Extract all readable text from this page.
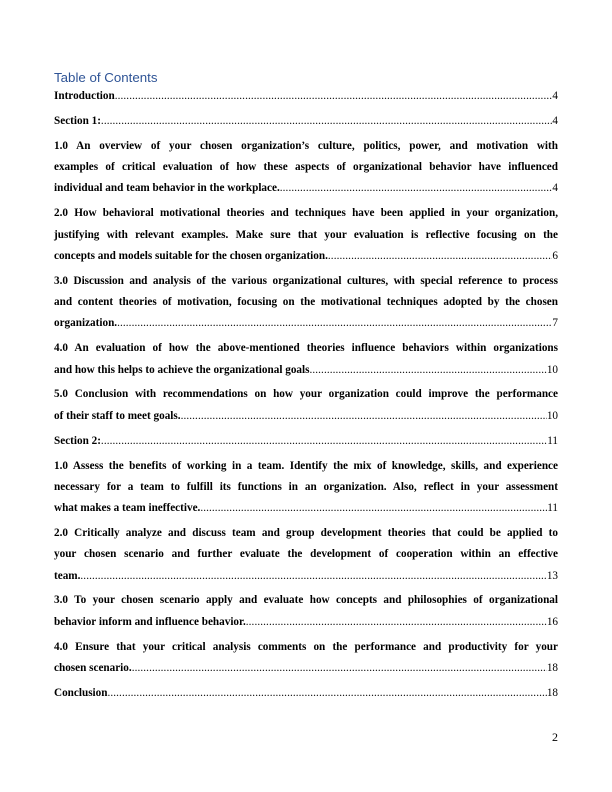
Table of Contents
Introduction .....	4
Section 1: .....	4
1.0 An overview of your chosen organization’s culture, politics, power, and motivation with
examples of critical evaluation of how these aspects of organizational behavior have influenced
individual and team behavior in the workplace. .....	4
2.0 How behavioral motivational theories and techniques have been applied in your organization,
justifying with relevant examples. Make sure that your evaluation is reflective focusing on the
concepts and models suitable for the chosen organization. .....	6
3.0 Discussion and analysis of the various organizational cultures, with special reference to process
and content theories of motivation, focusing on the motivational techniques adopted by the chosen
organization. .....	7
4.0 An evaluation of how the above-mentioned theories influence behaviors within organizations
and how this helps to achieve the organizational goals .....	10
5.0 Conclusion with recommendations on how your organization could improve the performance
of their staff to meet goals. .....	10
Section 2: .....	11
1.0 Assess the benefits of working in a team. Identify the mix of knowledge, skills, and experience
necessary for a team to fulfill its functions in an organization. Also, reflect in your assessment
what makes a team ineffective. .....	11
2.0 Critically analyze and discuss team and group development theories that could be applied to
your chosen scenario and further evaluate the development of cooperation within an effective
team. .....	13
3.0 To your chosen scenario apply and evaluate how concepts and philosophies of organizational
behavior inform and influence behavior. .....	16
4.0 Ensure that your critical analysis comments on the performance and productivity for your
chosen scenario. .....	18
Conclusion .....	18
2
